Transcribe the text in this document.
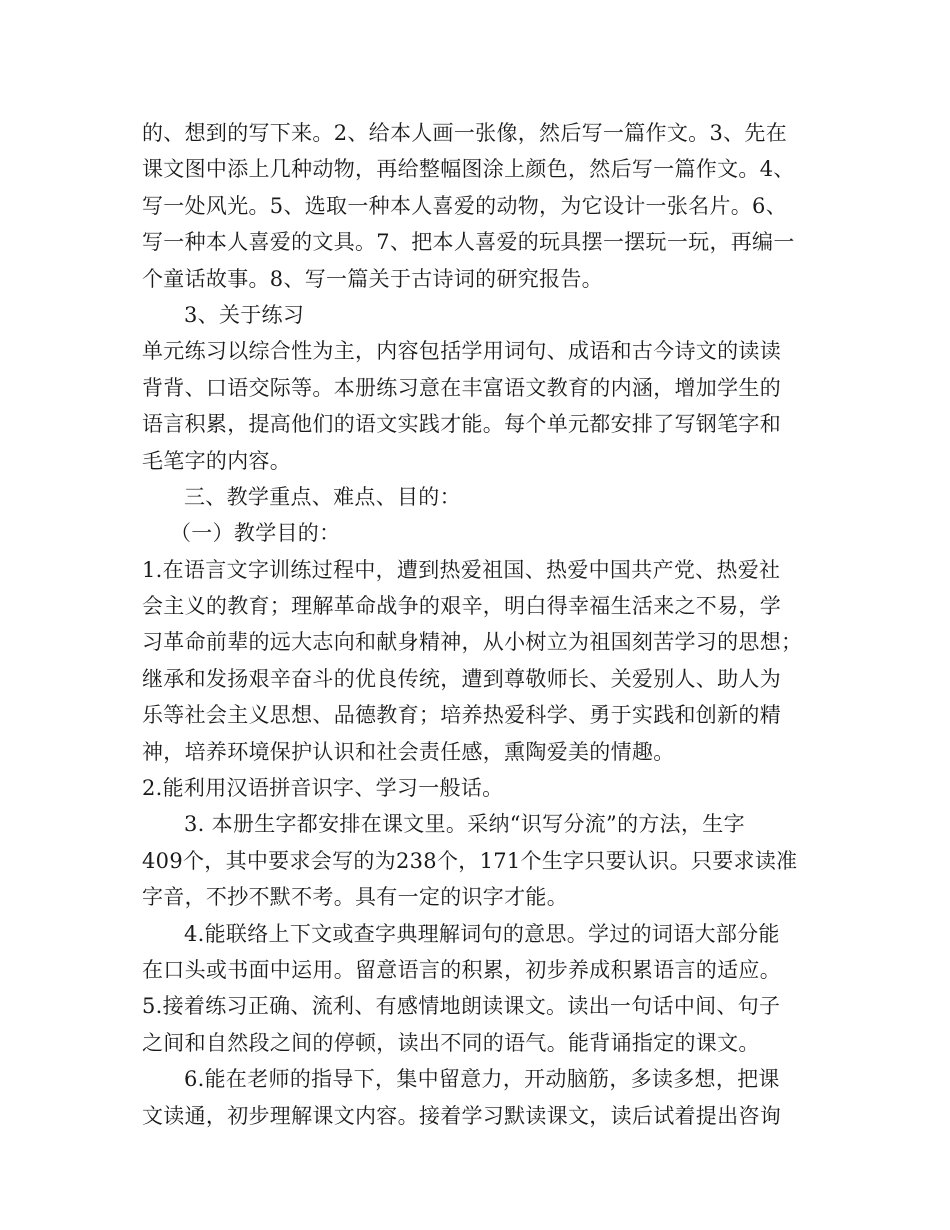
的、想到的写下来。2、给本人画一张像，然后写一篇作文。3、先在
课文图中添上几种动物，再给整幅图涂上颜色，然后写一篇作文。4、
写一处风光。5、选取一种本人喜爱的动物，为它设计一张名片。6、
写一种本人喜爱的文具。7、把本人喜爱的玩具摆一摆玩一玩，再编一
个童话故事。8、写一篇关于古诗词的研究报告。
3、关于练习
单元练习以综合性为主，内容包括学用词句、成语和古今诗文的读读
背背、口语交际等。本册练习意在丰富语文教育的内涵，增加学生的
语言积累，提高他们的语文实践才能。每个单元都安排了写钢笔字和
毛笔字的内容。
三、教学重点、难点、目的：
（一）教学目的：
1.在语言文字训练过程中，遭到热爱祖国、热爱中国共产党、热爱社
会主义的教育；理解革命战争的艰辛，明白得幸福生活来之不易，学
习革命前辈的远大志向和献身精神，从小树立为祖国刻苦学习的思想；
继承和发扬艰辛奋斗的优良传统，遭到尊敬师长、关爱别人、助人为
乐等社会主义思想、品德教育；培养热爱科学、勇于实践和创新的精
神，培养环境保护认识和社会责任感，熏陶爱美的情趣。
2.能利用汉语拼音识字、学习一般话。
3. 本册生字都安排在课文里。采纳“识写分流”的方法，生字
409个，其中要求会写的为238个，171个生字只要认识。只要求读准
字音，不抄不默不考。具有一定的识字才能。
4.能联络上下文或查字典理解词句的意思。学过的词语大部分能
在口头或书面中运用。留意语言的积累，初步养成积累语言的适应。
5.接着练习正确、流利、有感情地朗读课文。读出一句话中间、句子
之间和自然段之间的停顿，读出不同的语气。能背诵指定的课文。
6.能在老师的指导下，集中留意力，开动脑筋，多读多想，把课
文读通，初步理解课文内容。接着学习默读课文，读后试着提出咨询
